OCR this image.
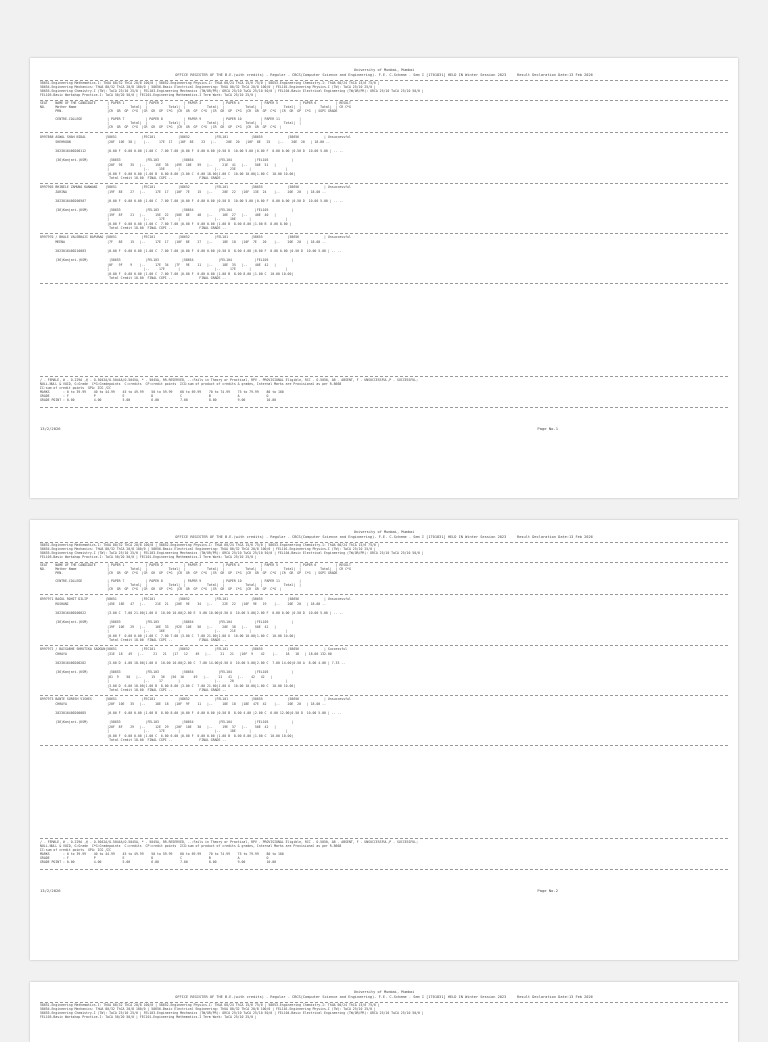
University of Mumbai, Mumbai
OFFICE REGISTER OF THE B.E.(with credits) - Regular - CBCS(Computer Science and Engineering)- F.E. C-Scheme - Sem I [1T01831] HELD IN Winter Session 2023     Result Declaration Date:13 Feb 2026
58651-Engineering Mathematics-I: ThUA 80/32 ThCA 20/8 100/0 | 58652-Engineering Physics-I: ThUA 60/24 ThCA 15/6 75/0 | 58653-Engineering Chemistry-I: ThUA 60/24 ThCA 15/6 75/0 |
58654-Engineering Mechanics: ThUA 80/32 ThCA 20/8 100/0 | 58656-Basic Electrical Engineering: ThUA 80/32 ThCA 20/8 100/0 | FEL101-Engineering Physics-I (TW): TwCA 25/10 25/0 |
58655-Engineering Chemistry-I (TW): TwCA 25/10 25/0 | FEL103-Engineering Mechanics (TW/OR/PR): ORCA 25/10 TwCA 25/10 50/0 | FEL104-Basic Electrical Engineering (TW/OR/PR): ORCA 25/10 TwCA 25/10 50/0 |
FEL105-Basic Workshop Practice-I: TwCA 50/20 50/0 | FEC101-Engineering Mathematics-I Term Work: TwCA 25/10 25/0 |
SEAT    NAME OF THE CANDIDATE      | PAPER 1           | PAPER 2           | PAPER 3           | PAPER 4           | PAPER 5           | PAPER 6          | RESULT
NO.     Mother Name                |           Total|  |           Total|  |           Total|  |           Total|  |           Total|  |          Total|  | CR C*G
PRN.                       |CR  GR  GP  C*G  |CR  GR  GP  C*G  |CR  GR  GP  C*G  |CR  GR  GP  C*G  |CR  GR  GP  C*G  |CR  GR  GP  C*G  | SGPI GRADE
CENTRE-COLLEGE             | PAPER 7           | PAPER 8           | PAPER 9           | PAPER 10          | PAPER 11          |
|           Total|  |           Total|  |           Total|  |           Total|  |           Total|  |
|CR  GR  GP  C*G  |CR  GR  GP  C*G  |CR  GR  GP  C*G  |CR  GR  GP  C*G  |CR  GR  GP  C*G  |
8997868 ASWAL SHAH NIDAL          |58651             |FEC101            |58652             |FEL101            |58655             |58656             | Unsuccessful
SHEHRUON                   |20F  10E  38 |    |--     17E  17   |10F  8E    23   |--     20E  20   |10F  8E   25    |--    20E  20   | 18.00 --
2023016400200112           |0.00 F  0.00 0.00 |1.00 C  7.00 7.00 |0.00 F  0.00 0.00 |0.50 D  10.00 5.00 |0.00 F  0.00 0.00 |0.50 D  10.00 5.00 | -- --
(36)Kanjari-(KSM)           |58653             |FEL103            |58654             |FEL104            |FEL105            |
|20F  9E    35   |--     15E  35   |49E  10E   59   |--     21E  41   |--    50E  51   |
|                  |--     15E       |                  |--     23E       |                  |
|0.00 F  0.00 0.00 |1.00 B  8.00 8.00 |3.00 C  6.00 18.00|1.00 C  10.00 10.00|1.00 C  10.00 10.00|
Total Credit 18.00  FINAL CGPI --              FINAL GRADE --
8997903 BHIBELE ZAMUNA KANWANI    |58651             |FEC101            |58652             |FEL101            |58655             |58656             | Unsuccessful
ZARINA                     |19F  8E    27   |--     17E  17   |10F  7E    15   |--     20E  22   |16F  13E  24    |--    20E  20   | 18.00 --
2023016400200507           |0.00 F  0.00 0.00 |1.00 C  7.00 7.00 |0.00 F  0.00 0.00 |0.50 D  10.00 5.00 |0.00 F  0.00 0.00 |0.50 D  10.00 5.00 | -- --
(36)Kanjari-(KSM)           |58653             |FEL103            |58654             |FEL104            |FEL105            |
|19F  8F    21   |--     15E  22   |50E  8E    48   |--     16E  27   |--    40E  40   |
|                  |--     17E       |                  |--     10E       |                  |
|0.00 F  0.00 0.00 |1.00 C  7.00 7.00 |0.00 F  0.00 0.00 |1.00 B  8.00 8.00 |1.00 B  8.00 8.00 |
Total Credit 18.00  FINAL CGPI --              FINAL GRADE --
8997970 / BHALE VALEBHAJI BAPURAO |58651             |FEC101            |58652             |FEL101            |58655             |58656             | Unsuccessful
MEENA                      |7F   8E    15   |--     17E  17   |10F  8E    27   |--     18E  18   |10F  7E   20    |--    20E  20   | 18.00 --
2023016400210003           |0.00 F  0.00 0.00 |1.00 C  7.00 7.00 |0.00 F  0.00 0.00 |0.50 D  8.00 4.00 |0.00 F  0.00 0.00 |0.50 D  10.00 5.00 | -- --
(36)Kanjari-(KSM)           |58653             |FEL103            |58654             |FEL104            |FEL105            |
|0F   9F    9    |--     17E  34   |7F   9E    11   |--     18E  35   |--    40E  42   |
|                  |--     17E       |                  |--     17E       |                  |
|0.00 F  0.00 0.00 |1.00 C  7.00 7.00 |0.00 F  0.00 0.00 |1.00 B  8.00 8.00 |1.00 C  10.00 10.00|
Total Credit 18.00  FINAL CGPI --              FINAL GRADE --
/ - FEMALE, # - O.229A ,@ - O.5042A/O.5044A/O.5045A, * - 5045A, RR-RESERVED, --:Fails in Theory or Practical, RPV - PROVISIONAL Eligible, RCC - O.5050, AB - ABSENT, F - UNSUCCESSFUL,P - SUCCESSFUL;
NULL-NULL & VOID, G:Grade  C*G:Gradepoints  C:credits  CP:credit points  ΣCG:sum of product of credits & grades, Internal Marks are Provisional as per R.8668
ΣC:sum of credit points  GPA: ΣCG /ΣC
MARKS       : 0 to 39.99    40 to 44.99    45 to 49.99    50 to 59.99    60 to 69.99    70 to 74.99    75 to 79.99    80 to 100
GRADE       : F             P              E              D              C              B              A              O
GRADE POINT : 0.00          4.00           5.00           6.00           7.00           8.00           9.00           10.00
13/2/2026	Page No.1
University of Mumbai, Mumbai
OFFICE REGISTER OF THE B.E.(with credits) - Regular - CBCS(Computer Science and Engineering)- F.E. C-Scheme - Sem I [1T01831] HELD IN Winter Session 2023     Result Declaration Date:13 Feb 2026
58651-Engineering Mathematics-I: ThUA 80/32 ThCA 20/8 100/0 | 58652-Engineering Physics-I: ThUA 60/24 ThCA 15/6 75/0 | 58653-Engineering Chemistry-I: ThUA 60/24 ThCA 15/6 75/0 |
58654-Engineering Mechanics: ThUA 80/32 ThCA 20/8 100/0 | 58656-Basic Electrical Engineering: ThUA 80/32 ThCA 20/8 100/0 | FEL101-Engineering Physics-I (TW): TwCA 25/10 25/0 |
58655-Engineering Chemistry-I (TW): TwCA 25/10 25/0 | FEL103-Engineering Mechanics (TW/OR/PR): ORCA 25/10 TwCA 25/10 50/0 | FEL104-Basic Electrical Engineering (TW/OR/PR): ORCA 25/10 TwCA 25/10 50/0 |
FEL105-Basic Workshop Practice-I: TwCA 50/20 50/0 | FEC101-Engineering Mathematics-I Term Work: TwCA 25/10 25/0 |
SEAT    NAME OF THE CANDIDATE      | PAPER 1           | PAPER 2           | PAPER 3           | PAPER 4           | PAPER 5           | PAPER 6          | RESULT
NO.     Mother Name                |           Total|  |           Total|  |           Total|  |           Total|  |           Total|  |          Total|  | CR C*G
PRN.                       |CR  GR  GP  C*G  |CR  GR  GP  C*G  |CR  GR  GP  C*G  |CR  GR  GP  C*G  |CR  GR  GP  C*G  |CR  GR  GP  C*G  | SGPI GRADE
CENTRE-COLLEGE             | PAPER 7           | PAPER 8           | PAPER 9           | PAPER 10          | PAPER 11          |
|           Total|  |           Total|  |           Total|  |           Total|  |           Total|  |
|CR  GR  GP  C*G  |CR  GR  GP  C*G  |CR  GR  GP  C*G  |CR  GR  GP  C*G  |CR  GR  GP  C*G  |
8997971 BAGUL ROHIT DILIP         |58651             |FEC101            |58652             |FEL101            |58655             |58656             | Unsuccessful
RUSHANI                    |45E  18E   47   |--     21E  21   |20E  9E    34   |--     22E  22   |10F  9E   19    |--    20E  20   | 18.00 --
2023016400200022           |3.00 C  7.00 21.00|1.00 O  10.00 10.00|2.00 E  5.00 10.00|0.50 O  10.00 5.00|2.00 F  0.00 0.00 |0.50 D  10.00 5.00 | -- --
(36)Kanjari-(KSM)           |58653             |FEL103            |58654             |FEL104            |FEL105            |
|19F  10E   29   |--     16E  33   |92E  10E   56   |--     20E  38   |--    50E  42   |
|                  |--     16E       |                  |--     21E       |                  |
|0.00 F  0.00 0.00 |1.00 C  7.00 7.00 |3.00 C  7.00 21.00|1.00 O  10.00 10.00|1.00 C  10.00 10.00|
Total Credit 18.00  FINAL CGPI --              FINAL GRADE --
8997972 / BAISABHE SHRUTIKA SADGUN|58651             |FEC101            |58652             |FEL101            |58655             |58656             | Successful
CHHAYA                     |31E  18   49   |--     21   21   |17   12    49   |--     21   21   |16F  9    42    |--    18   18   | 18.00 132.00
2023016400200282           |3.00 D  4.00 18.00|1.00 O  10.00 10.00|2.00 C  7.00 14.00|0.50 O  10.00 5.00|2.00 C  7.00 14.00|0.50 A  8.00 4.00 | 7.33 --
(36)Kanjari-(KSM)           |58653             |FEL103            |58654             |FEL104            |FEL105            |
|81  9    50   |--     15   36   |50  10     49   |--     21   41   |--    42   42   |
|                  |--     17        |                  |--     20        |                  |
|3.00 D  6.00 18.00|1.00 B  8.00 8.00 |3.00 C  7.00 21.00|1.00 O  10.00 10.00|1.00 C  10.00 10.00|
Total Credit 18.00  FINAL CGPI --              FINAL GRADE --
8997973 BANTE SURESH VISHES       |58651             |FEC101            |58652             |FEL101            |58655             |58656             | Unsuccessful
CHHAYA                     |20F  10E   35   |--     18E  18   |10F  9F    11   |--     18E  18   |18E  47E  42    |--    20E  20   | 18.00 --
2023016400200085           |0.00 F  0.00 0.00 |1.00 B  8.00 8.00 |0.00 F  0.00 0.00 |0.50 B  8.00 4.00 |2.00 C  6.00 12.00|0.50 D  10.00 5.00 | -- --
(36)Kanjari-(KSM)           |58653             |FEL103            |58654             |FEL104            |FEL105            |
|20F  8F    29   |--     12E  29   |20F  10E   30   |--     19E  37   |--    50E  42   |
|                  |--     17E       |                  |--     18E       |                  |
|0.00 F  0.00 0.00 |1.00 C  6.00 6.00 |0.00 F  0.00 0.00 |1.00 B  8.00 8.00 |1.00 C  10.00 10.00|
Total Credit 18.00  FINAL CGPI --              FINAL GRADE --
/ - FEMALE, # - O.229A ,@ - O.5042A/O.5044A/O.5045A, * - 5045A, RR-RESERVED, --:Fails in Theory or Practical, RPV - PROVISIONAL Eligible, RCC - O.5050, AB - ABSENT, F - UNSUCCESSFUL,P - SUCCESSFUL;
NULL-NULL & VOID, G:Grade  C*G:Gradepoints  C:credits  CP:credit points  ΣCG:sum of product of credits & grades, Internal Marks are Provisional as per R.8668
ΣC:sum of credit points  GPA: ΣCG /ΣC
MARKS       : 0 to 39.99    40 to 44.99    45 to 49.99    50 to 59.99    60 to 69.99    70 to 74.99    75 to 79.99    80 to 100
GRADE       : F             P              E              D              C              B              A              O
GRADE POINT : 0.00          4.00           5.00           6.00           7.00           8.00           9.00           10.00
13/2/2026	Page No.2
University of Mumbai, Mumbai
OFFICE REGISTER OF THE B.E.(with credits) - Regular - CBCS(Computer Science and Engineering)- F.E. C-Scheme - Sem I [1T01831] HELD IN Winter Session 2023     Result Declaration Date:13 Feb 2026
58651-Engineering Mathematics-I: ThUA 80/32 ThCA 20/8 100/0 | 58652-Engineering Physics-I: ThUA 60/24 ThCA 15/6 75/0 | 58653-Engineering Chemistry-I: ThUA 60/24 ThCA 15/6 75/0 |
58654-Engineering Mechanics: ThUA 80/32 ThCA 20/8 100/0 | 58656-Basic Electrical Engineering: ThUA 80/32 ThCA 20/8 100/0 | FEL101-Engineering Physics-I (TW): TwCA 25/10 25/0 |
58655-Engineering Chemistry-I (TW): TwCA 25/10 25/0 | FEL103-Engineering Mechanics (TW/OR/PR): ORCA 25/10 TwCA 25/10 50/0 | FEL104-Basic Electrical Engineering (TW/OR/PR): ORCA 25/10 TwCA 25/10 50/0 |
FEL105-Basic Workshop Practice-I: TwCA 50/20 50/0 | FEC101-Engineering Mathematics-I Term Work: TwCA 25/10 25/0 |
